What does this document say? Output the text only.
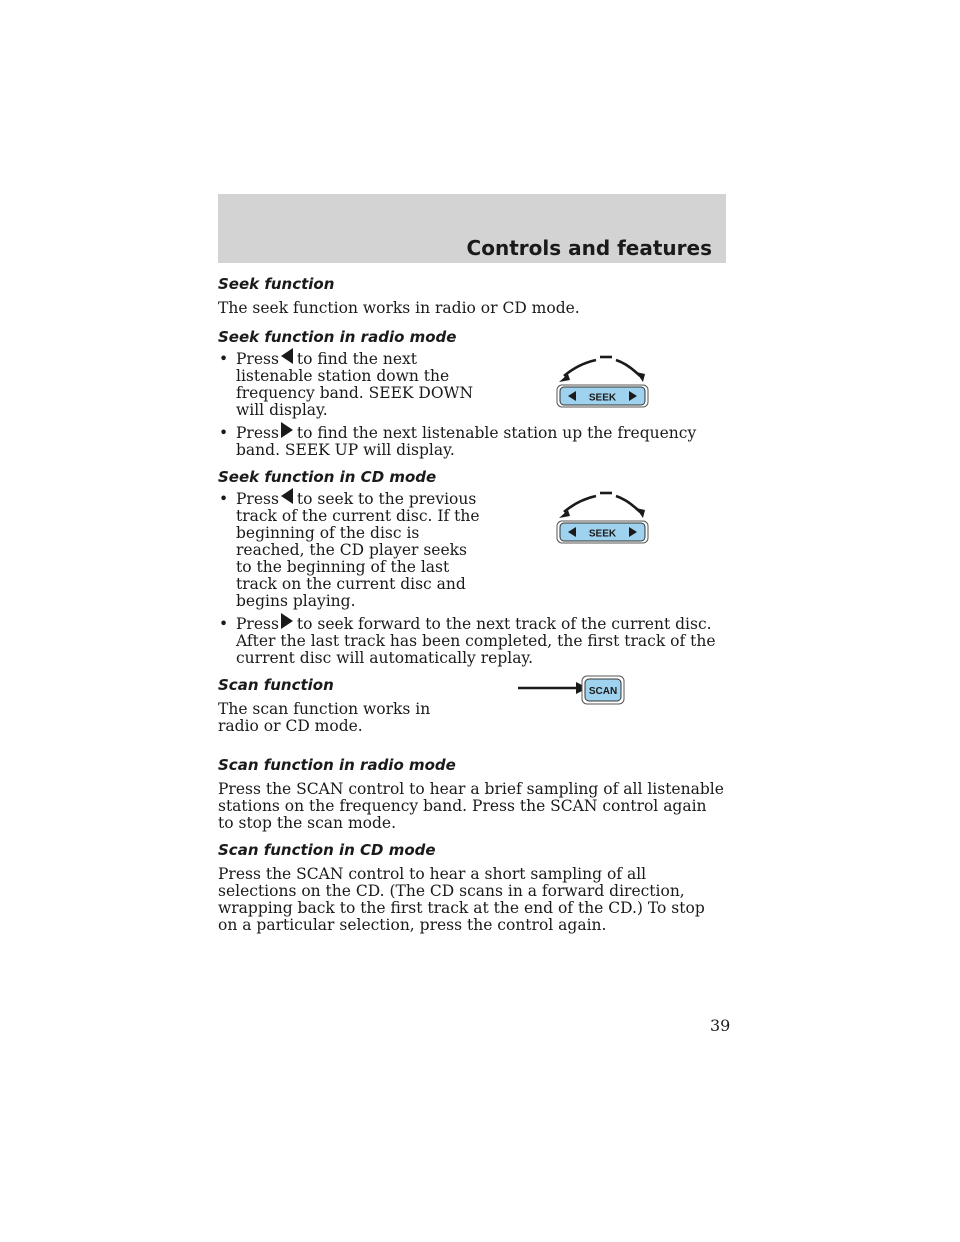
Controls and features
Seek function

The seek function works in radio or CD mode.

Seek function in radio mode
• Press to find the next listenable station down the frequency band. SEEK DOWN will display.
• Press to find the next listenable station up the frequency band. SEEK UP will display.
Seek function in CD mode
• Press to seek to the previous track of the current disc. If the beginning of the disc is reached, the CD player seeks to the beginning of the last track on the current disc and begins playing.
• Press to seek forward to the next track of the current disc. After the last track has been completed, the first track of the current disc will automatically replay.
Scan function

The scan function works in radio or CD mode.

Scan function in radio mode

Press the SCAN control to hear a brief sampling of all listenable stations on the frequency band. Press the SCAN control again to stop the scan mode.

Scan function in CD mode

Press the SCAN control to hear a short sampling of all selections on the CD. (The CD scans in a forward direction, wrapping back to the first track at the end of the CD.) To stop on a particular selection, press the control again.

SEEK
SEEK
SCAN
39
